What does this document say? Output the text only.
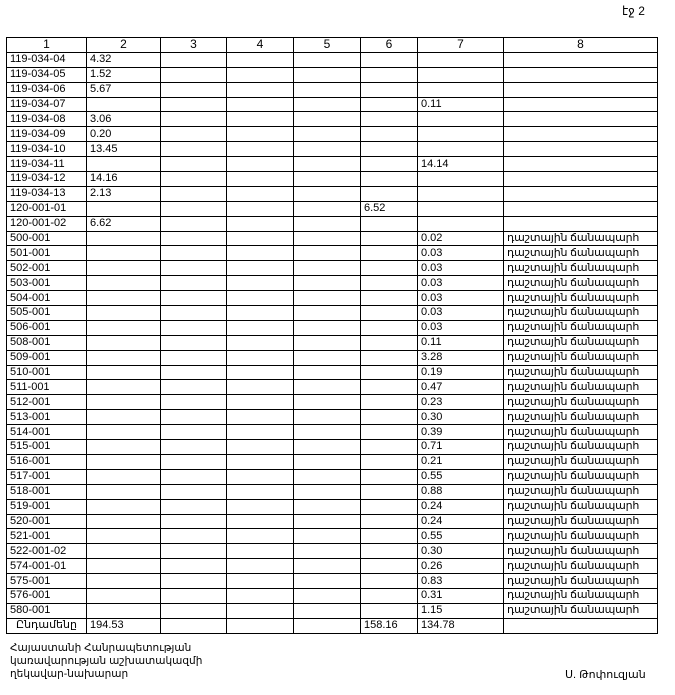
էջ 2
1	2	3	4	5	6	7	8
119-034-04	4.32						
119-034-05	1.52						
119-034-06	5.67						
119-034-07						0.11	
119-034-08	3.06						
119-034-09	0.20						
119-034-10	13.45						
119-034-11						14.14	
119-034-12	14.16						
119-034-13	2.13						
120-001-01					6.52		
120-001-02	6.62						
500-001						0.02	դաշտային ճանապարհ
501-001						0.03	դաշտային ճանապարհ
502-001						0.03	դաշտային ճանապարհ
503-001						0.03	դաշտային ճանապարհ
504-001						0.03	դաշտային ճանապարհ
505-001						0.03	դաշտային ճանապարհ
506-001						0.03	դաշտային ճանապարհ
508-001						0.11	դաշտային ճանապարհ
509-001						3.28	դաշտային ճանապարհ
510-001						0.19	դաշտային ճանապարհ
511-001						0.47	դաշտային ճանապարհ
512-001						0.23	դաշտային ճանապարհ
513-001						0.30	դաշտային ճանապարհ
514-001						0.39	դաշտային ճանապարհ
515-001						0.71	դաշտային ճանապարհ
516-001						0.21	դաշտային ճանապարհ
517-001						0.55	դաշտային ճանապարհ
518-001						0.88	դաշտային ճանապարհ
519-001						0.24	դաշտային ճանապարհ
520-001						0.24	դաշտային ճանապարհ
521-001						0.55	դաշտային ճանապարհ
522-001-02						0.30	դաշտային ճանապարհ
574-001-01						0.26	դաշտային ճանապարհ
575-001						0.83	դաշտային ճանապարհ
576-001						0.31	դաշտային ճանապարհ
580-001						1.15	դաշտային ճանապարհ
Ընդամենը	194.53				158.16	134.78	
Հայաստանի Հանրապետության
կառավարության աշխատակազմի
ղեկավար-նախարար	Ս. Թոփուզյան
